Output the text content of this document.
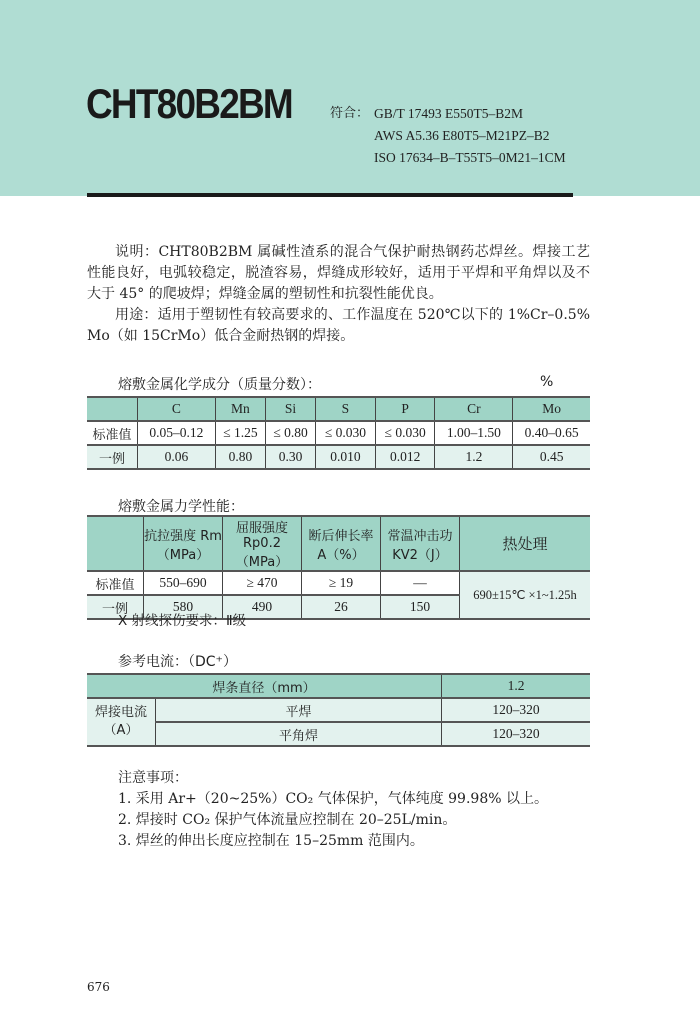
CHT80B2BM	符合： GB/T 17493 E550T5–B2M
AWS A5.36 E80T5–M21PZ–B2
ISO 17634–B–T55T5–0M21–1CM
说明：CHT80B2BM 属碱性渣系的混合气保护耐热钢药芯焊丝。焊接工艺性能良好，电弧较稳定，脱渣容易，焊缝成形较好，适用于平焊和平角焊以及不大于 45° 的爬坡焊；焊缝金属的塑韧性和抗裂性能优良。
用途：适用于塑韧性有较高要求的、工作温度在 520℃以下的 1%Cr–0.5% Mo（如 15CrMo）低合金耐热钢的焊接。
熔敷金属化学成分（质量分数）：	%
	C	Mn	Si	S	P	Cr	Mo
标准值	0.05–0.12	≤ 1.25	≤ 0.80	≤ 0.030	≤ 0.030	1.00–1.50	0.40–0.65
一例	0.06	0.80	0.30	0.010	0.012	1.2	0.45
熔敷金属力学性能：
	抗拉强度 Rm（MPa）	屈服强度 Rp0.2（MPa）	断后伸长率 A（%）	常温冲击功 KV2（J）	热处理
标准值	550–690	≥ 470	≥ 19	—	690±15℃ ×1~1.25h
一例	580	490	26	150	
X 射线探伤要求：Ⅱ级
参考电流：（DC⁺）
焊条直径（mm）		1.2
焊接电流（A）	平焊	120–320
	平角焊	120–320
注意事项：
1. 采用 Ar+（20~25%）CO₂ 气体保护，气体纯度 99.98% 以上。
2. 焊接时 CO₂ 保护气体流量应控制在 20–25L/min。
3. 焊丝的伸出长度应控制在 15–25mm 范围内。
676
